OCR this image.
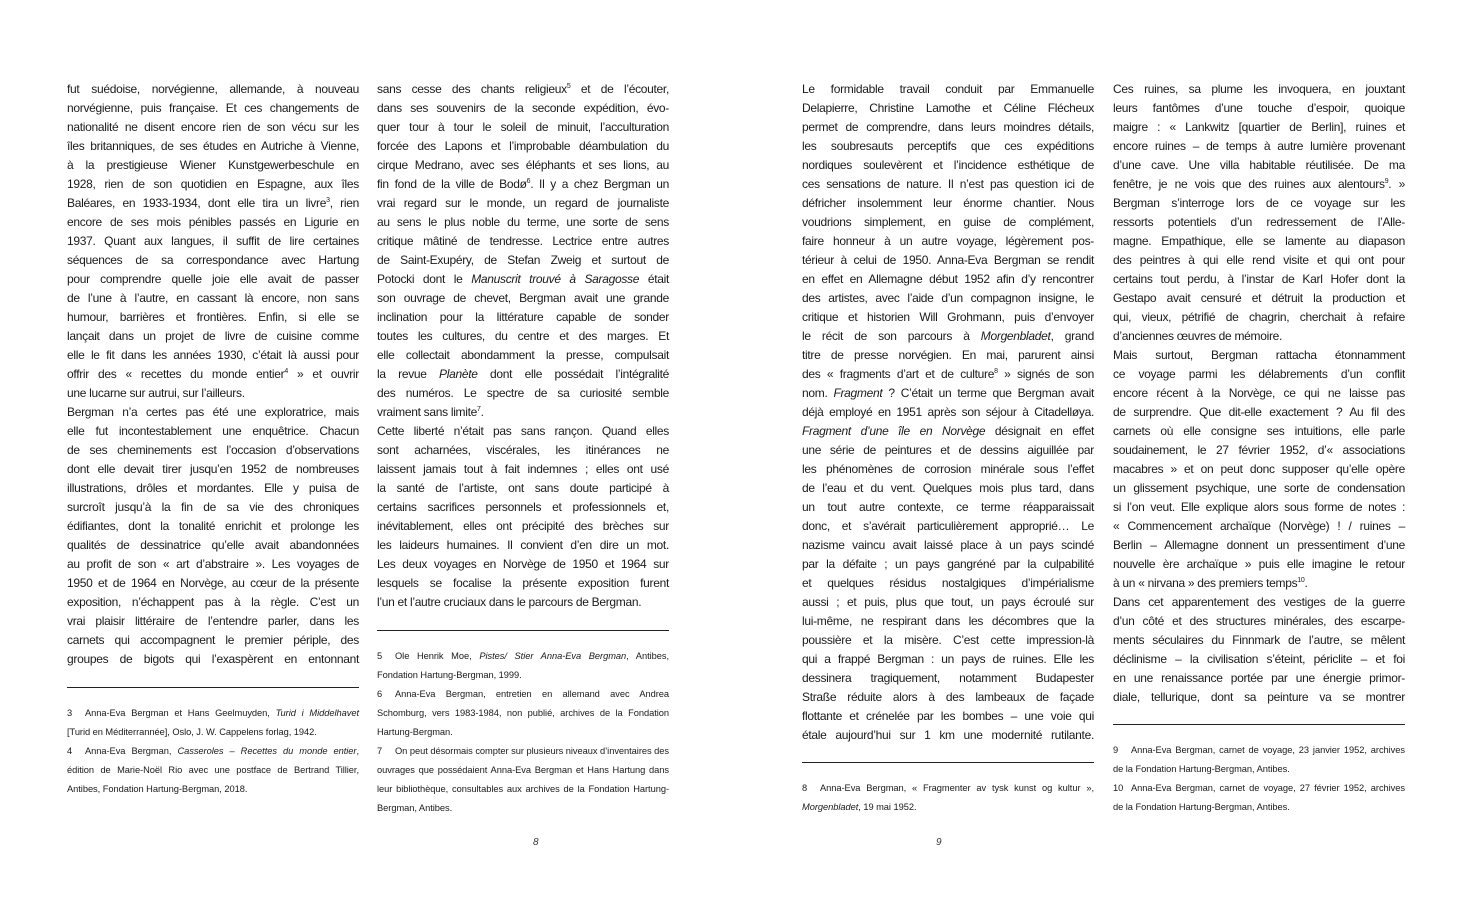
fut suédoise, norvégienne, allemande, à nouveau
norvégienne, puis française. Et ces changements de
nationalité ne disent encore rien de son vécu sur les
îles britanniques, de ses études en Autriche à Vienne,
à la prestigieuse Wiener Kunstgewerbeschule en
1928, rien de son quotidien en Espagne, aux îles
Baléares, en 1933-1934, dont elle tira un livre$^3$, rien
encore de ses mois pénibles passés en Ligurie en
1937. Quant aux langues, il suffit de lire certaines
séquences de sa correspondance avec Hartung
pour comprendre quelle joie elle avait de passer
de l’une à l’autre, en cassant là encore, non sans
humour, barrières et frontières. Enfin, si elle se
lançait dans un projet de livre de cuisine comme
elle le fit dans les années 1930, c’était là aussi pour
offrir des « recettes du monde entier$^4$ » et ouvrir
une lucarne sur autrui, sur l’ailleurs.
Bergman n’a certes pas été une exploratrice, mais
elle fut incontestablement une enquêtrice. Chacun
de ses cheminements est l’occasion d’observations
dont elle devait tirer jusqu’en 1952 de nombreuses
illustrations, drôles et mordantes. Elle y puisa de
surcroît jusqu’à la fin de sa vie des chroniques
édifiantes, dont la tonalité enrichit et prolonge les
qualités de dessinatrice qu’elle avait abandonnées
au profit de son « art d’abstraire ». Les voyages de
1950 et de 1964 en Norvège, au cœur de la présente
exposition, n’échappent pas à la règle. C’est un
vrai plaisir littéraire de l’entendre parler, dans les
carnets qui accompagnent le premier périple, des
groupes de bigots qui l’exaspèrent en entonnant
3 Anna-Eva Bergman et Hans Geelmuyden, Turid i Middelhavet [Turid en Méditerrannée], Oslo, J. W. Cappelens forlag, 1942.
4 Anna-Eva Bergman, Casseroles – Recettes du monde entier, édition de Marie-Noël Rio avec une postface de Bertrand Tillier, Antibes, Fondation Hartung-Bergman, 2018.
sans cesse des chants religieux$^5$ et de l’écouter,
dans ses souvenirs de la seconde expédition, évo-
quer tour à tour le soleil de minuit, l’acculturation
forcée des Lapons et l’improbable déambulation du
cirque Medrano, avec ses éléphants et ses lions, au
fin fond de la ville de Bodø$^6$. Il y a chez Bergman un
vrai regard sur le monde, un regard de journaliste
au sens le plus noble du terme, une sorte de sens
critique mâtiné de tendresse. Lectrice entre autres
de Saint-Exupéry, de Stefan Zweig et surtout de
Potocki dont le Manuscrit trouvé à Saragosse était
son ouvrage de chevet, Bergman avait une grande
inclination pour la littérature capable de sonder
toutes les cultures, du centre et des marges. Et
elle collectait abondamment la presse, compulsait
la revue Planète dont elle possédait l’intégralité
des numéros. Le spectre de sa curiosité semble
vraiment sans limite$^7$.
Cette liberté n’était pas sans rançon. Quand elles
sont acharnées, viscérales, les itinérances ne
laissent jamais tout à fait indemnes ; elles ont usé
la santé de l’artiste, ont sans doute participé à
certains sacrifices personnels et professionnels et,
inévitablement, elles ont précipité des brèches sur
les laideurs humaines. Il convient d’en dire un mot.
Les deux voyages en Norvège de 1950 et 1964 sur
lesquels se focalise la présente exposition furent
l’un et l’autre cruciaux dans le parcours de Bergman.
5 Ole Henrik Moe, Pistes/ Stier Anna-Eva Bergman, Antibes, Fondation Hartung-Bergman, 1999.
6 Anna-Eva Bergman, entretien en allemand avec Andrea Schomburg, vers 1983-1984, non publié, archives de la Fondation Hartung-Bergman.
7 On peut désormais compter sur plusieurs niveaux d’inventaires des ouvrages que possédaient Anna-Eva Bergman et Hans Hartung dans leur bibliothèque, consultables aux archives de la Fondation Hartung-Bergman, Antibes.
8
Le formidable travail conduit par Emmanuelle
Delapierre, Christine Lamothe et Céline Flécheux
permet de comprendre, dans leurs moindres détails,
les soubresauts perceptifs que ces expéditions
nordiques soulevèrent et l’incidence esthétique de
ces sensations de nature. Il n’est pas question ici de
défricher insolemment leur énorme chantier. Nous
voudrions simplement, en guise de complément,
faire honneur à un autre voyage, légèrement pos-
térieur à celui de 1950. Anna-Eva Bergman se rendit
en effet en Allemagne début 1952 afin d’y rencontrer
des artistes, avec l’aide d’un compagnon insigne, le
critique et historien Will Grohmann, puis d’envoyer
le récit de son parcours à Morgenbladet, grand
titre de presse norvégien. En mai, parurent ainsi
des « fragments d’art et de culture$^8$ » signés de son
nom. Fragment ? C’était un terme que Bergman avait
déjà employé en 1951 après son séjour à Citadelløya.
Fragment d’une île en Norvège désignait en effet
une série de peintures et de dessins aiguillée par
les phénomènes de corrosion minérale sous l’effet
de l’eau et du vent. Quelques mois plus tard, dans
un tout autre contexte, ce terme réapparaissait
donc, et s’avérait particulièrement approprié… Le
nazisme vaincu avait laissé place à un pays scindé
par la défaite ; un pays gangréné par la culpabilité
et quelques résidus nostalgiques d’impérialisme
aussi ; et puis, plus que tout, un pays écroulé sur
lui-même, ne respirant dans les décombres que la
poussière et la misère. C’est cette impression-là
qui a frappé Bergman : un pays de ruines. Elle les
dessinera tragiquement, notamment Budapester
Straße réduite alors à des lambeaux de façade
flottante et crénelée par les bombes – une voie qui
étale aujourd’hui sur 1 km une modernité rutilante.
8 Anna-Eva Bergman, « Fragmenter av tysk kunst og kultur », Morgenbladet, 19 mai 1952.
Ces ruines, sa plume les invoquera, en jouxtant
leurs fantômes d’une touche d’espoir, quoique
maigre : « Lankwitz [quartier de Berlin], ruines et
encore ruines – de temps à autre lumière provenant
d’une cave. Une villa habitable réutilisée. De ma
fenêtre, je ne vois que des ruines aux alentours$^9$. »
Bergman s’interroge lors de ce voyage sur les
ressorts potentiels d’un redressement de l’Alle-
magne. Empathique, elle se lamente au diapason
des peintres à qui elle rend visite et qui ont pour
certains tout perdu, à l’instar de Karl Hofer dont la
Gestapo avait censuré et détruit la production et
qui, vieux, pétrifié de chagrin, cherchait à refaire
d’anciennes œuvres de mémoire.
Mais surtout, Bergman rattacha étonnamment
ce voyage parmi les délabrements d’un conflit
encore récent à la Norvège, ce qui ne laisse pas
de surprendre. Que dit-elle exactement ? Au fil des
carnets où elle consigne ses intuitions, elle parle
soudainement, le 27 février 1952, d’« associations
macabres » et on peut donc supposer qu’elle opère
un glissement psychique, une sorte de condensation
si l’on veut. Elle explique alors sous forme de notes :
« Commencement archaïque (Norvège) ! / ruines –
Berlin – Allemagne donnent un pressentiment d’une
nouvelle ère archaïque » puis elle imagine le retour
à un « nirvana » des premiers temps$^{10}$.
Dans cet apparentement des vestiges de la guerre
d’un côté et des structures minérales, des escarpe-
ments séculaires du Finnmark de l’autre, se mêlent
déclinisme – la civilisation s’éteint, périclite – et foi
en une renaissance portée par une énergie primor-
diale, tellurique, dont sa peinture va se montrer
9 Anna-Eva Bergman, carnet de voyage, 23 janvier 1952, archives de la Fondation Hartung-Bergman, Antibes.
10 Anna-Eva Bergman, carnet de voyage, 27 février 1952, archives de la Fondation Hartung-Bergman, Antibes.
9
